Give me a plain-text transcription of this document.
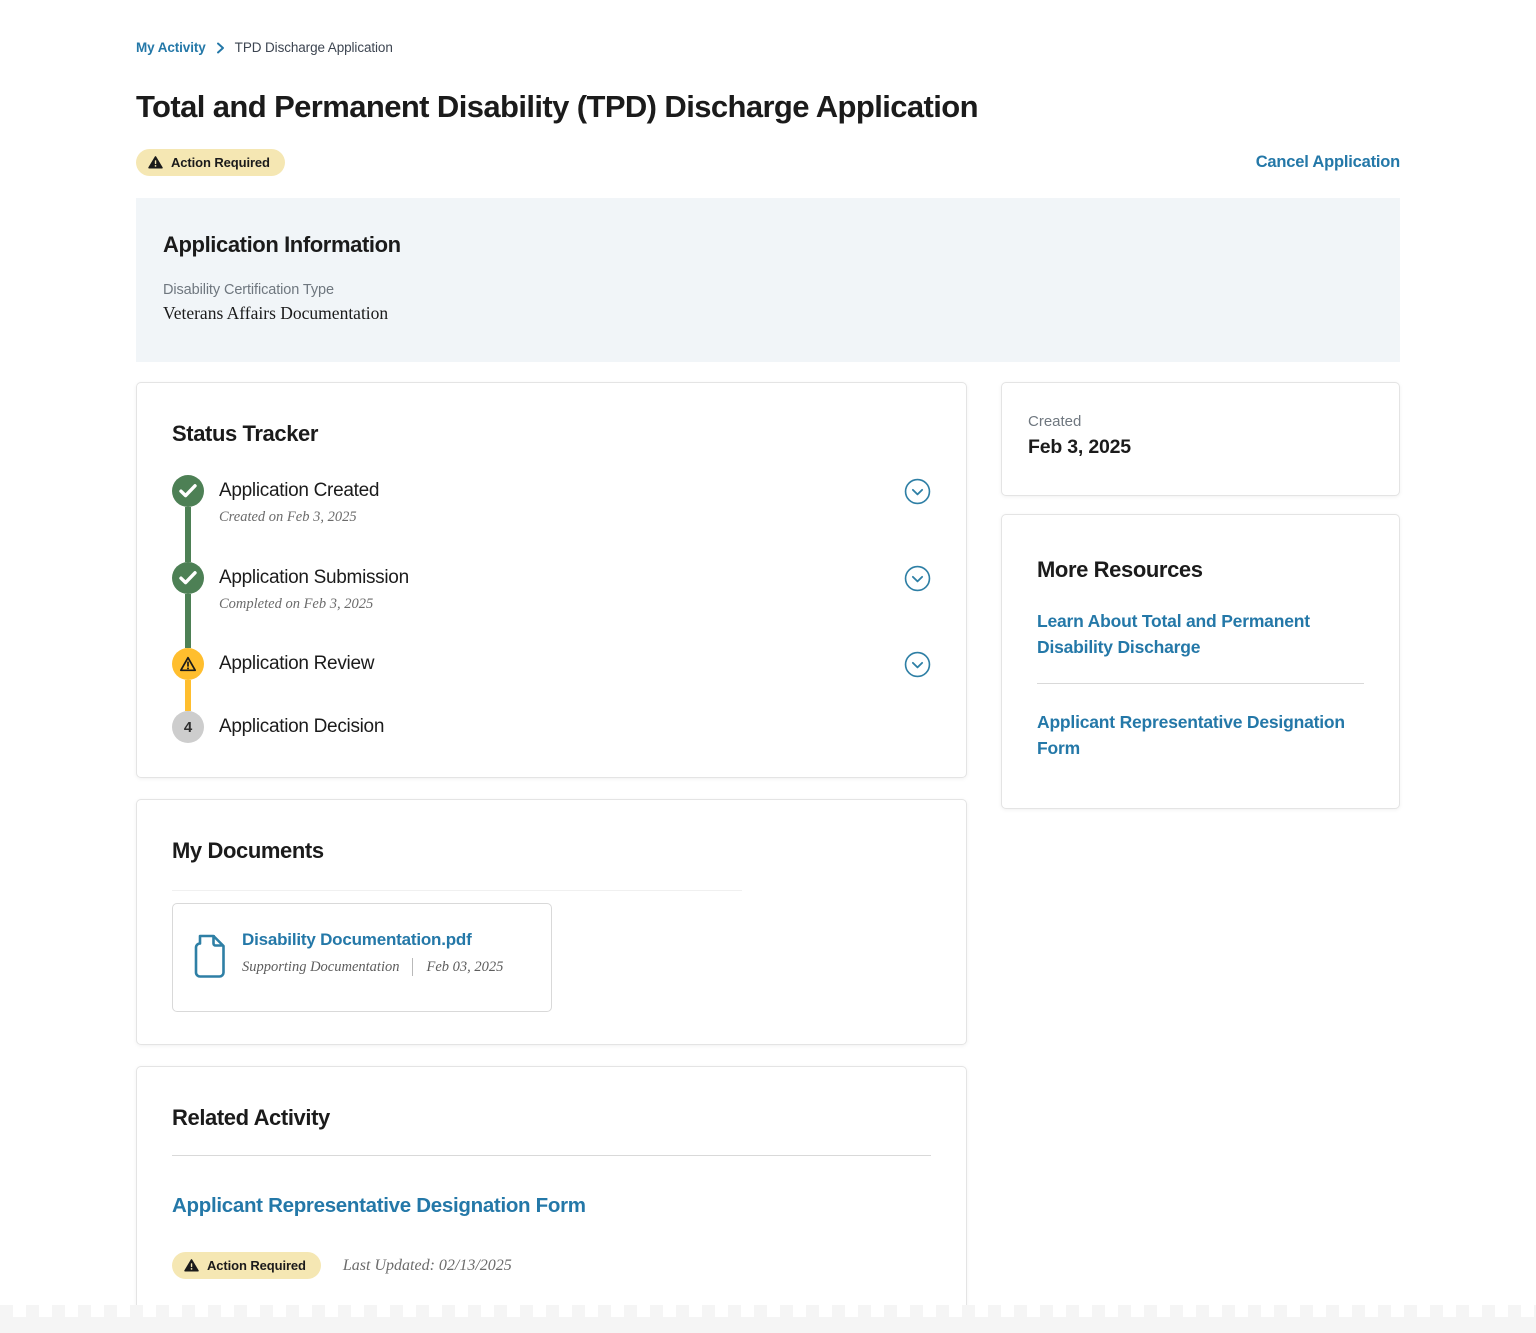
My Activity TPD Discharge Application
Total and Permanent Disability (TPD) Discharge Application
Action Required	Cancel Application
Application Information
Disability Certification Type
Veterans Affairs Documentation
Status Tracker
Application Created
Created on Feb 3, 2025
Application Submission
Completed on Feb 3, 2025
Application Review
4	Application Decision
My Documents
Disability Documentation.pdf
Supporting Documentation Feb 03, 2025
Related Activity
Applicant Representative Designation Form
Action Required Last Updated: 02/13/2025
Created
Feb 3, 2025
More Resources
Learn About Total and Permanent Disability Discharge
Applicant Representative Designation Form
